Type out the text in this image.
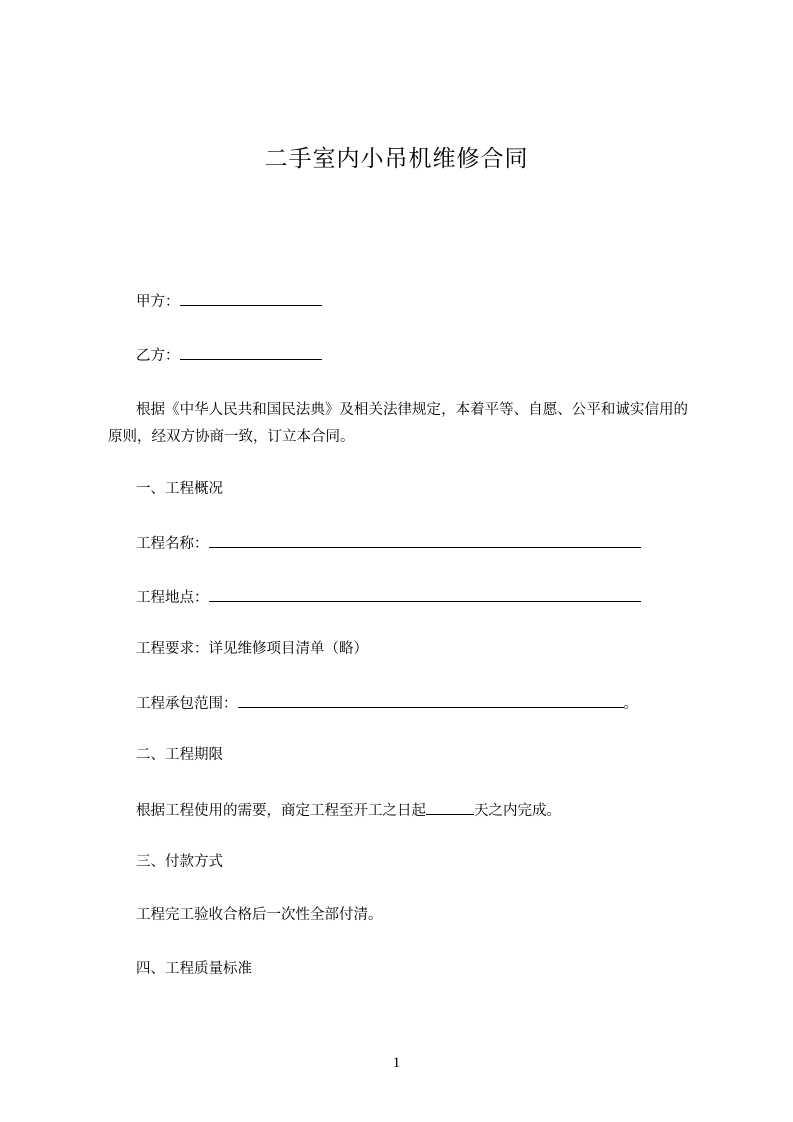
二手室内小吊机维修合同
甲方：
乙方：
根据《中华人民共和国民法典》及相关法律规定，本着平等、自愿、公平和诚实信用的原则，经双方协商一致，订立本合同。
一、工程概况
工程名称：
工程地点：
工程要求：详见维修项目清单（略）
工程承包范围：	。
二、工程期限
根据工程使用的需要，商定工程至开工之日起	天之内完成。
三、付款方式
工程完工验收合格后一次性全部付清。
四、工程质量标准
1
